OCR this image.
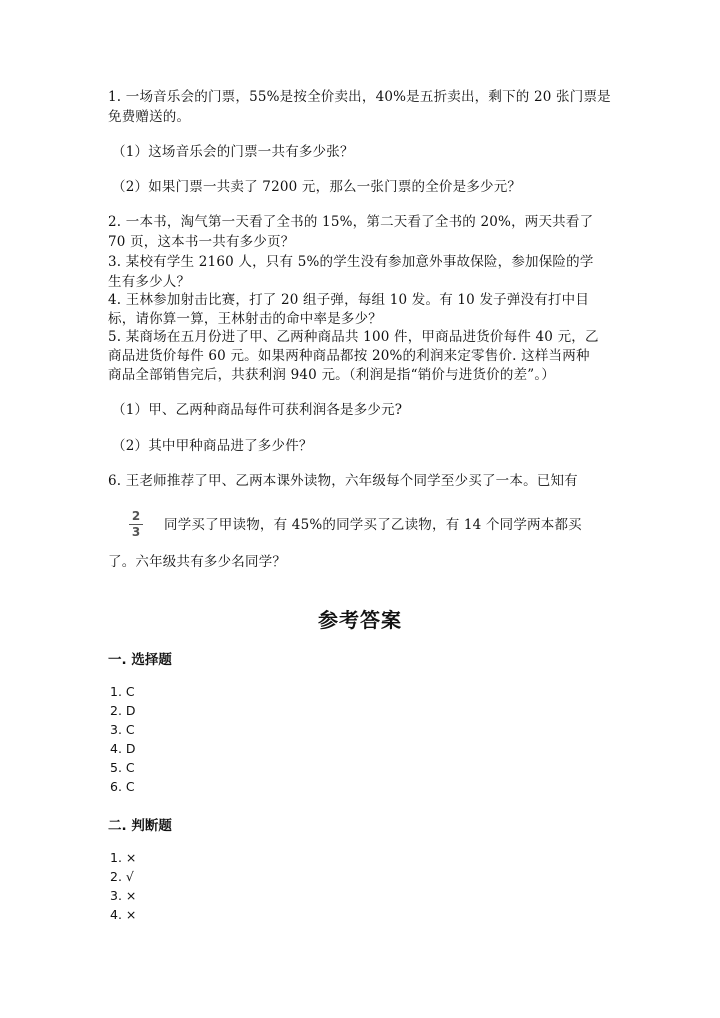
1. 一场音乐会的门票，55%是按全价卖出，40%是五折卖出，剩下的 20 张门票是
免费赠送的。
（1）这场音乐会的门票一共有多少张？
（2）如果门票一共卖了 7200 元，那么一张门票的全价是多少元？
2. 一本书，淘气第一天看了全书的 15%，第二天看了全书的 20%，两天共看了
70 页，这本书一共有多少页？
3. 某校有学生 2160 人，只有 5%的学生没有参加意外事故保险，参加保险的学
生有多少人？
4. 王林参加射击比赛，打了 20 组子弹，每组 10 发。有 10 发子弹没有打中目
标，请你算一算，王林射击的命中率是多少？
5. 某商场在五月份进了甲、乙两种商品共 100 件，甲商品进货价每件 40 元，乙
商品进货价每件 60 元。如果两种商品都按 20%的利润来定零售价. 这样当两种
商品全部销售完后，共获利润 940 元。（利润是指“销价与进货价的差”。）
（1）甲、乙两种商品每件可获利润各是多少元?
（2）其中甲种商品进了多少件？
6. 王老师推荐了甲、乙两本课外读物，六年级每个同学至少买了一本。已知有
2
3 同学买了甲读物，有 45%的同学买了乙读物，有 14 个同学两本都买
了。六年级共有多少名同学？
参考答案
一. 选择题
1. C
2. D
3. C
4. D
5. C
6. C
二. 判断题
1. ×
2. √
3. ×
4. ×
